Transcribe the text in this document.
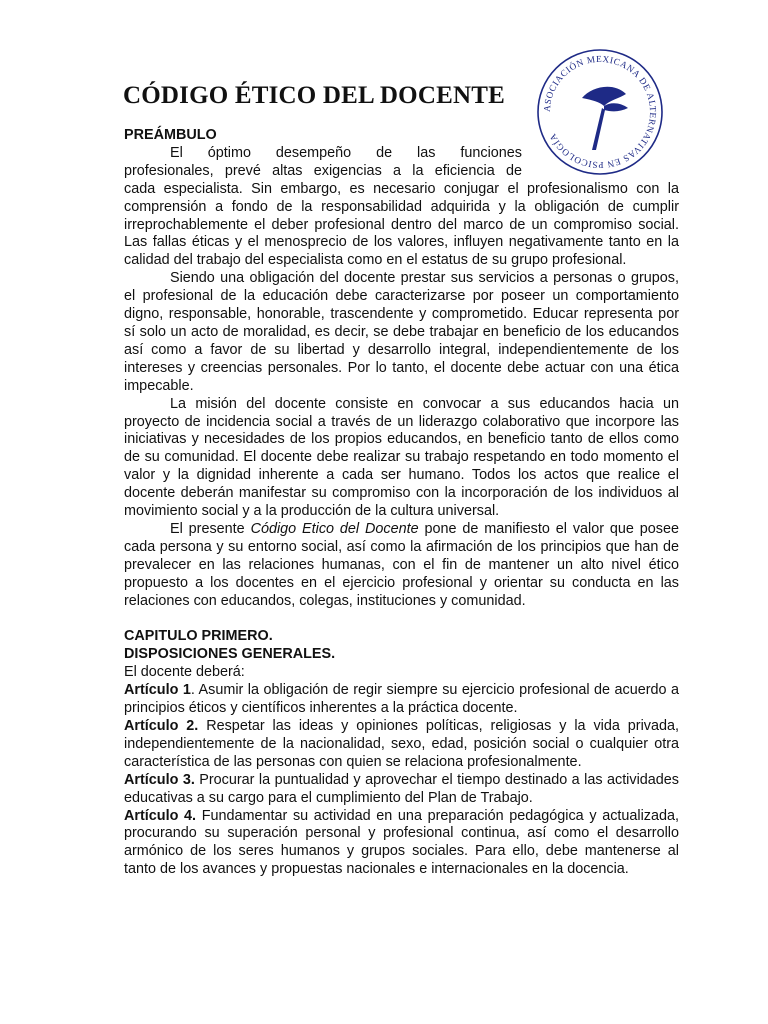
CÓDIGO ÉTICO DEL DOCENTE	ASOCIACIÓN MEXICANA DE ALTERNATIVAS EN PSICOLOGÍA

PREÁMBULO

El óptimo desempeño de las funciones

profesionales, prevé altas exigencias a la eficiencia de

cada especialista. Sin embargo, es necesario conjugar el profesionalismo con la comprensión a fondo de la responsabilidad adquirida y la obligación de cumplir irreprochablemente el deber profesional dentro del marco de un compromiso social. Las fallas éticas y el menosprecio de los valores, influyen negativamente tanto en la calidad del trabajo del especialista como en el estatus de su grupo profesional.

Siendo una obligación del docente prestar sus servicios a personas o grupos, el profesional de la educación debe caracterizarse por poseer un comportamiento digno, responsable, honorable, trascendente y comprometido. Educar representa por sí solo un acto de moralidad, es decir, se debe trabajar en beneficio de los educandos así como a favor de su libertad y desarrollo integral, independientemente de los intereses y creencias personales. Por lo tanto, el docente debe actuar con una ética impecable.

La misión del docente consiste en convocar a sus educandos hacia un proyecto de incidencia social a través de un liderazgo colaborativo que incorpore las iniciativas y necesidades de los propios educandos, en beneficio tanto de ellos como de su comunidad. El docente debe realizar su trabajo respetando en todo momento el valor y la dignidad inherente a cada ser humano. Todos los actos que realice el docente deberán manifestar su compromiso con la incorporación de los individuos al movimiento social y a la producción de la cultura universal.

El presente Código Etico del Docente pone de manifiesto el valor que posee cada persona y su entorno social, así como la afirmación de los principios que han de prevalecer en las relaciones humanas, con el fin de mantener un alto nivel ético propuesto a los docentes en el ejercicio profesional y orientar su conducta en las relaciones con educandos, colegas, instituciones y comunidad.

CAPITULO PRIMERO.

DISPOSICIONES GENERALES.

El docente deberá:

Artículo 1. Asumir la obligación de regir siempre su ejercicio profesional de acuerdo a principios éticos y científicos inherentes a la práctica docente.

Artículo 2. Respetar las ideas y opiniones políticas, religiosas y la vida privada, independientemente de la nacionalidad, sexo, edad, posición social o cualquier otra característica de las personas con quien se relaciona profesionalmente.

Artículo 3. Procurar la puntualidad y aprovechar el tiempo destinado a las actividades educativas a su cargo para el cumplimiento del Plan de Trabajo.

Artículo 4. Fundamentar su actividad en una preparación pedagógica y actualizada, procurando su superación personal y profesional continua, así como el desarrollo armónico de los seres humanos y grupos sociales. Para ello, debe mantenerse al tanto de los avances y propuestas nacionales e internacionales en la docencia.
